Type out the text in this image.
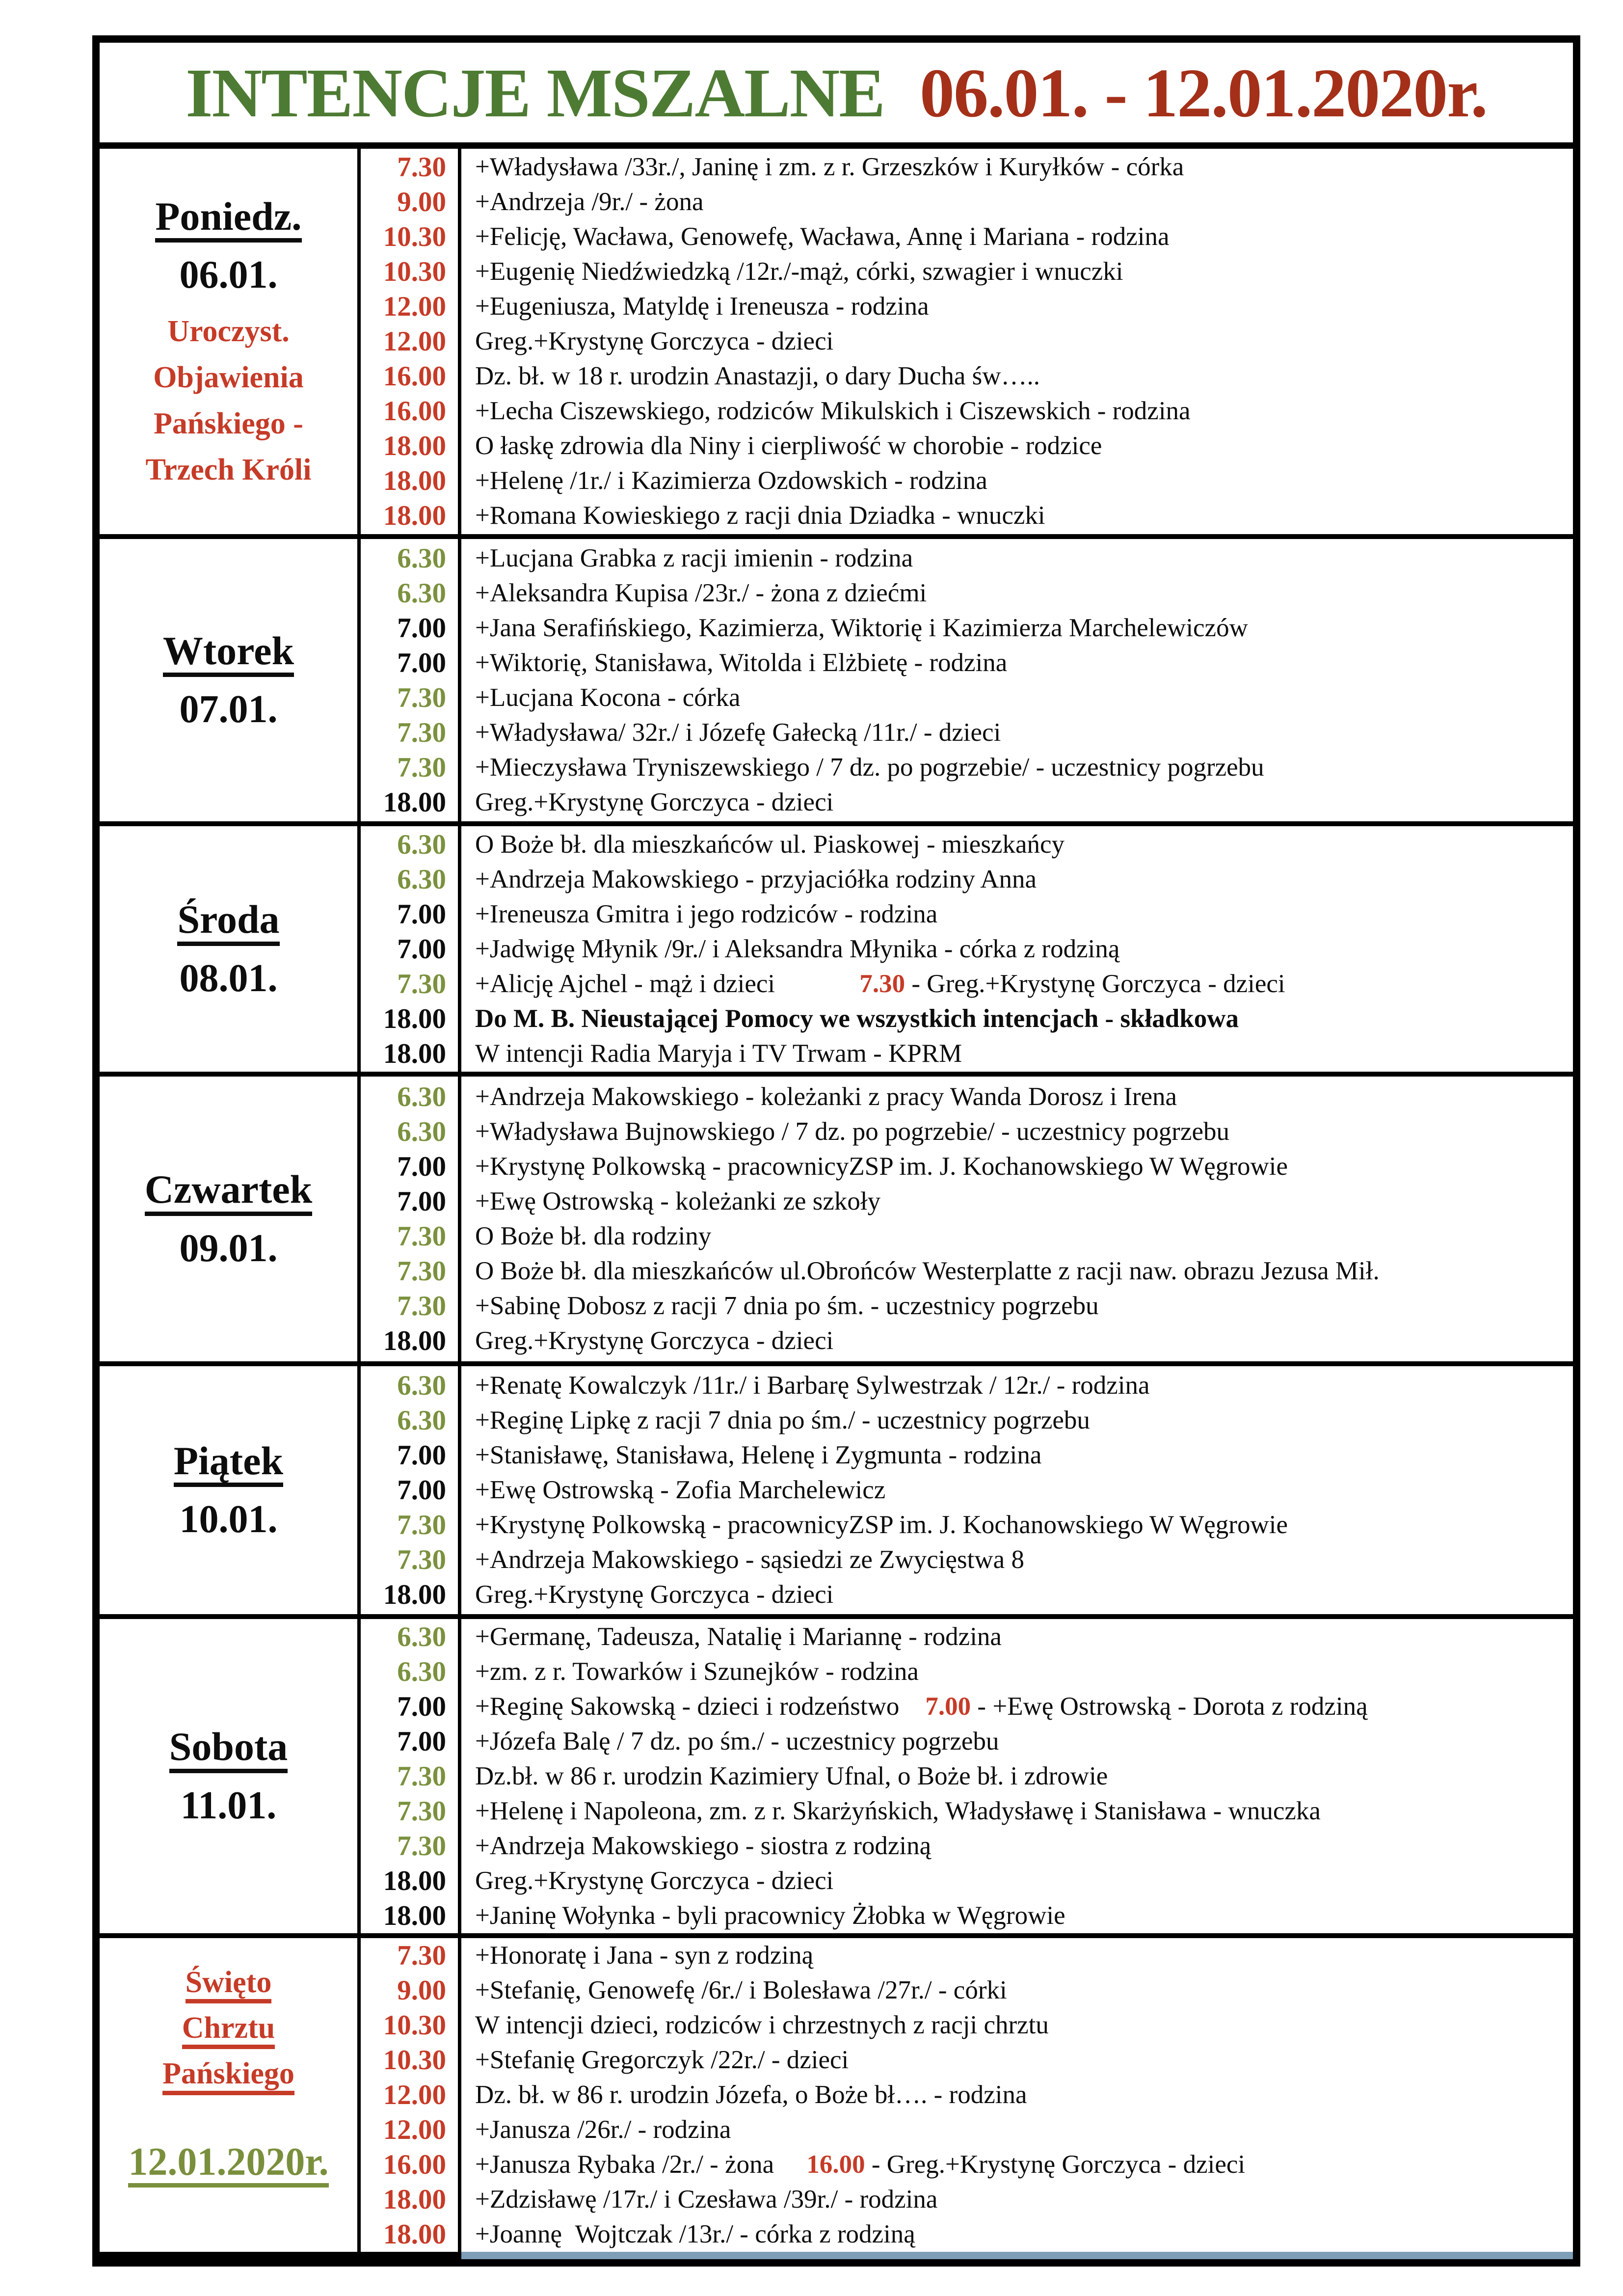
INTENCJE MSZALNE 06.01. - 12.01.2020r.
Poniedz.
06.01.
Uroczyst.
Objawienia
Pańskiego -
Trzech Króli
7.30
9.00
10.30
10.30
12.00
12.00
16.00
16.00
18.00
18.00
18.00
+Władysława /33r./, Janinę i zm. z r. Grzeszków i Kuryłków - córka
+Andrzeja /9r./ - żona
+Felicję, Wacława, Genowefę, Wacława, Annę i Mariana - rodzina
+Eugenię Niedźwiedzką /12r./-mąż, córki, szwagier i wnuczki
+Eugeniusza, Matyldę i Ireneusza - rodzina
Greg.+Krystynę Gorczyca - dzieci
Dz. bł. w 18 r. urodzin Anastazji, o dary Ducha św…..
+Lecha Ciszewskiego, rodziców Mikulskich i Ciszewskich - rodzina
O łaskę zdrowia dla Niny i cierpliwość w chorobie - rodzice
+Helenę /1r./ i Kazimierza Ozdowskich - rodzina
+Romana Kowieskiego z racji dnia Dziadka - wnuczki
Wtorek
07.01.
6.30
6.30
7.00
7.00
7.30
7.30
7.30
18.00
+Lucjana Grabka z racji imienin - rodzina
+Aleksandra Kupisa /23r./ - żona z dziećmi
+Jana Serafińskiego, Kazimierza, Wiktorię i Kazimierza Marchelewiczów
+Wiktorię, Stanisława, Witolda i Elżbietę - rodzina
+Lucjana Kocona - córka
+Władysława/ 32r./ i Józefę Gałecką /11r./ - dzieci
+Mieczysława Tryniszewskiego / 7 dz. po pogrzebie/ - uczestnicy pogrzebu
Greg.+Krystynę Gorczyca - dzieci
Środa
08.01.
6.30
6.30
7.00
7.00
7.30
18.00
18.00
O Boże bł. dla mieszkańców ul. Piaskowej - mieszkańcy
+Andrzeja Makowskiego - przyjaciółka rodziny Anna
+Ireneusza Gmitra i jego rodziców - rodzina
+Jadwigę Młynik /9r./ i Aleksandra Młynika - córka z rodziną
+Alicję Ajchel - mąż i dzieci             7.30 - Greg.+Krystynę Gorczyca - dzieci
Do M. B. Nieustającej Pomocy we wszystkich intencjach - składkowa
W intencji Radia Maryja i TV Trwam - KPRM
Czwartek
09.01.
6.30
6.30
7.00
7.00
7.30
7.30
7.30
18.00
+Andrzeja Makowskiego - koleżanki z pracy Wanda Dorosz i Irena
+Władysława Bujnowskiego / 7 dz. po pogrzebie/ - uczestnicy pogrzebu
+Krystynę Polkowską - pracownicyZSP im. J. Kochanowskiego W Węgrowie
+Ewę Ostrowską - koleżanki ze szkoły
O Boże bł. dla rodziny
O Boże bł. dla mieszkańców ul.Obrońców Westerplatte z racji naw. obrazu Jezusa Mił.
+Sabinę Dobosz z racji 7 dnia po śm. - uczestnicy pogrzebu
Greg.+Krystynę Gorczyca - dzieci
Piątek
10.01.
6.30
6.30
7.00
7.00
7.30
7.30
18.00
+Renatę Kowalczyk /11r./ i Barbarę Sylwestrzak / 12r./ - rodzina
+Reginę Lipkę z racji 7 dnia po śm./ - uczestnicy pogrzebu
+Stanisławę, Stanisława, Helenę i Zygmunta - rodzina
+Ewę Ostrowską - Zofia Marchelewicz
+Krystynę Polkowską - pracownicyZSP im. J. Kochanowskiego W Węgrowie
+Andrzeja Makowskiego - sąsiedzi ze Zwycięstwa 8
Greg.+Krystynę Gorczyca - dzieci
Sobota
11.01.
6.30
6.30
7.00
7.00
7.30
7.30
7.30
18.00
18.00
+Germanę, Tadeusza, Natalię i Mariannę - rodzina
+zm. z r. Towarków i Szunejków - rodzina
+Reginę Sakowską - dzieci i rodzeństwo    7.00 - +Ewę Ostrowską - Dorota z rodziną
+Józefa Balę / 7 dz. po śm./ - uczestnicy pogrzebu
Dz.bł. w 86 r. urodzin Kazimiery Ufnal, o Boże bł. i zdrowie
+Helenę i Napoleona, zm. z r. Skarżyńskich, Władysławę i Stanisława - wnuczka
+Andrzeja Makowskiego - siostra z rodziną
Greg.+Krystynę Gorczyca - dzieci
+Janinę Wołynka - byli pracownicy Żłobka w Węgrowie
Święto
Chrztu
Pańskiego
12.01.2020r.
7.30
9.00
10.30
10.30
12.00
12.00
16.00
18.00
18.00
+Honoratę i Jana - syn z rodziną
+Stefanię, Genowefę /6r./ i Bolesława /27r./ - córki
W intencji dzieci, rodziców i chrzestnych z racji chrztu
+Stefanię Gregorczyk /22r./ - dzieci
Dz. bł. w 86 r. urodzin Józefa, o Boże bł…. - rodzina
+Janusza /26r./ - rodzina
+Janusza Rybaka /2r./ - żona     16.00 - Greg.+Krystynę Gorczyca - dzieci
+Zdzisławę /17r./ i Czesława /39r./ - rodzina
+Joannę  Wojtczak /13r./ - córka z rodziną
